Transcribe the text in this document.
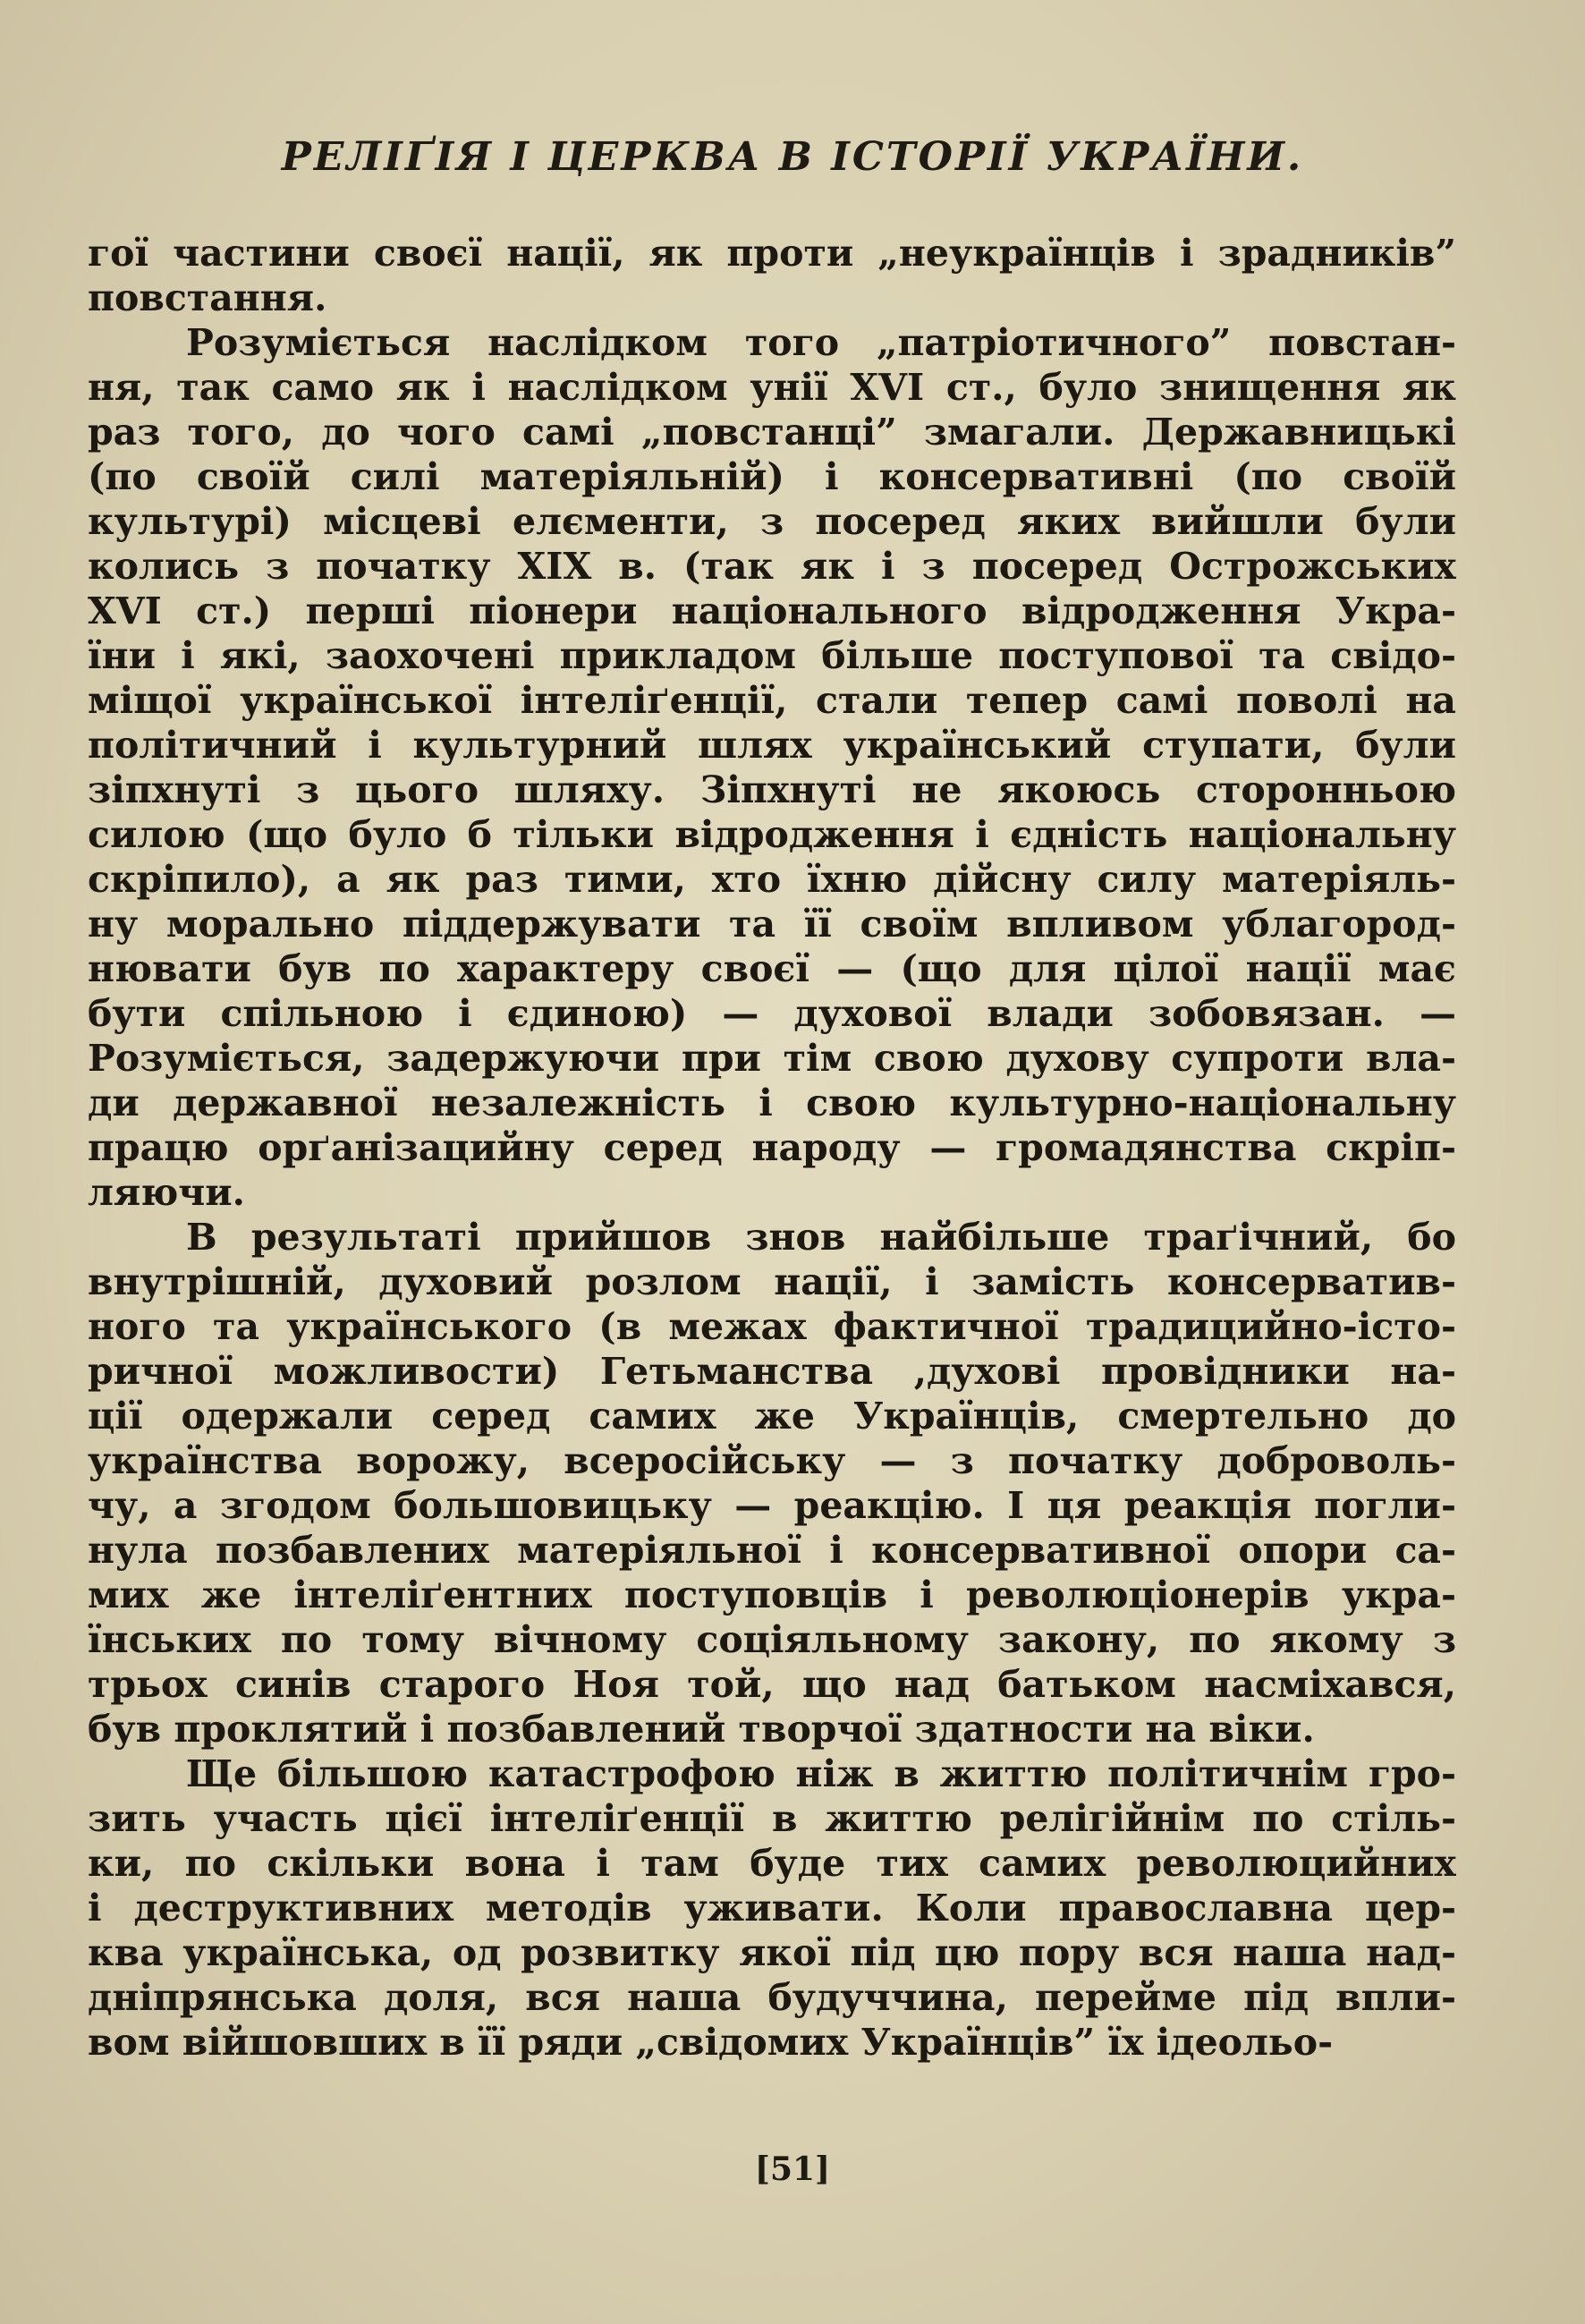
РЕЛІҐІЯ І ЦЕРКВА В ІСТОРІЇ УКРАЇНИ.
гої частини своєї нації, як проти „неукраїнців і зрадників”
повстання.
Розуміється наслідком того „патріотичного” повстан-
ня, так само як і наслідком унії XVI ст., було знищення як
раз того, до чого самі „повстанці” змагали. Державницькі
(по своїй силі матеріяльній) і консервативні (по своїй
культурі) місцеві елєменти, з посеред яких вийшли були
колись з початку XIX в. (так як і з посеред Острожських
XVI ст.) перші піонери національного відродження Укра-
їни і які, заохочені прикладом більше поступової та свідо-
міщої української інтеліґенції, стали тепер самі поволі на
політичний і культурний шлях український ступати, були
зіпхнуті з цього шляху. Зіпхнуті не якоюсь сторонньою
силою (що було б тільки відродження і єдність національну
скріпило), а як раз тими, хто їхню дійсну силу матеріяль-
ну морально піддержувати та її своїм впливом ублагород-
нювати був по характеру своєї — (що для цілої нації має
бути спільною і єдиною) — духової влади зобовязан. —
Розуміється, задержуючи при тім свою духову супроти вла-
ди державної незалежність і свою культурно-національну
працю орґанізацийну серед народу — громадянства скріп-
ляючи.
В результаті прийшов знов найбільше траґічний, бо
внутрішній, духовий розлом нації, і замість консерватив-
ного та українського (в межах фактичної традицийно-істо-
ричної можливости) Гетьманства ,духові провідники на-
ції одержали серед самих же Українців, смертельно до
українства ворожу, всеросійську — з початку доброволь-
чу, а згодом большовицьку — реакцію. І ця реакція погли-
нула позбавлених матеріяльної і консервативної опори са-
мих же інтеліґентних поступовців і революціонерів укра-
їнських по тому вічному соціяльному закону, по якому з
трьох синів старого Ноя той, що над батьком насміхався,
був проклятий і позбавлений творчої здатности на віки.
Ще більшою катастрофою ніж в життю політичнім гро-
зить участь цієї інтеліґенції в життю релігійнім по стіль-
ки, по скільки вона і там буде тих самих революцийних
і деструктивних методів уживати. Коли православна цер-
ква українська, од розвитку якої під цю пору вся наша над-
дніпрянська доля, вся наша будуччина, перейме під впли-
вом війшовших в її ряди „свідомих Українців” їх ідеольо-
[51]
